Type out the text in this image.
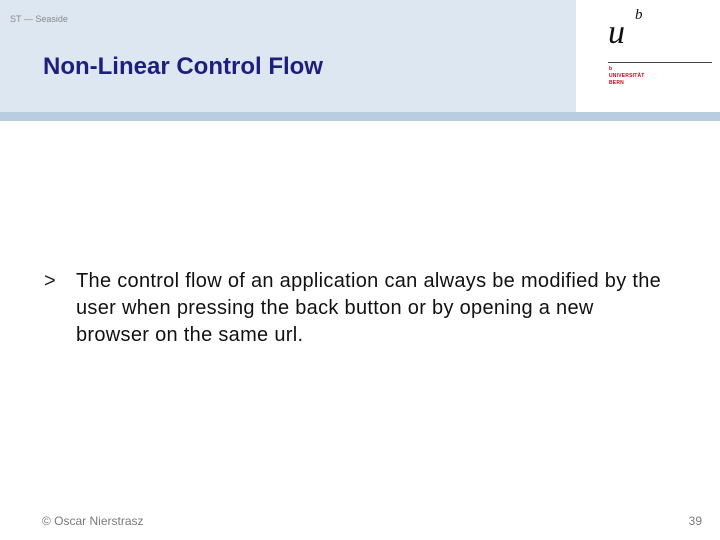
ST — Seaside
Non-Linear Control Flow
u b
b
UNIVERSITÄT
BERN
> The control flow of an application can always be modified by the user when pressing the back button or by opening a new browser on the same url.
© Oscar Nierstrasz	39
